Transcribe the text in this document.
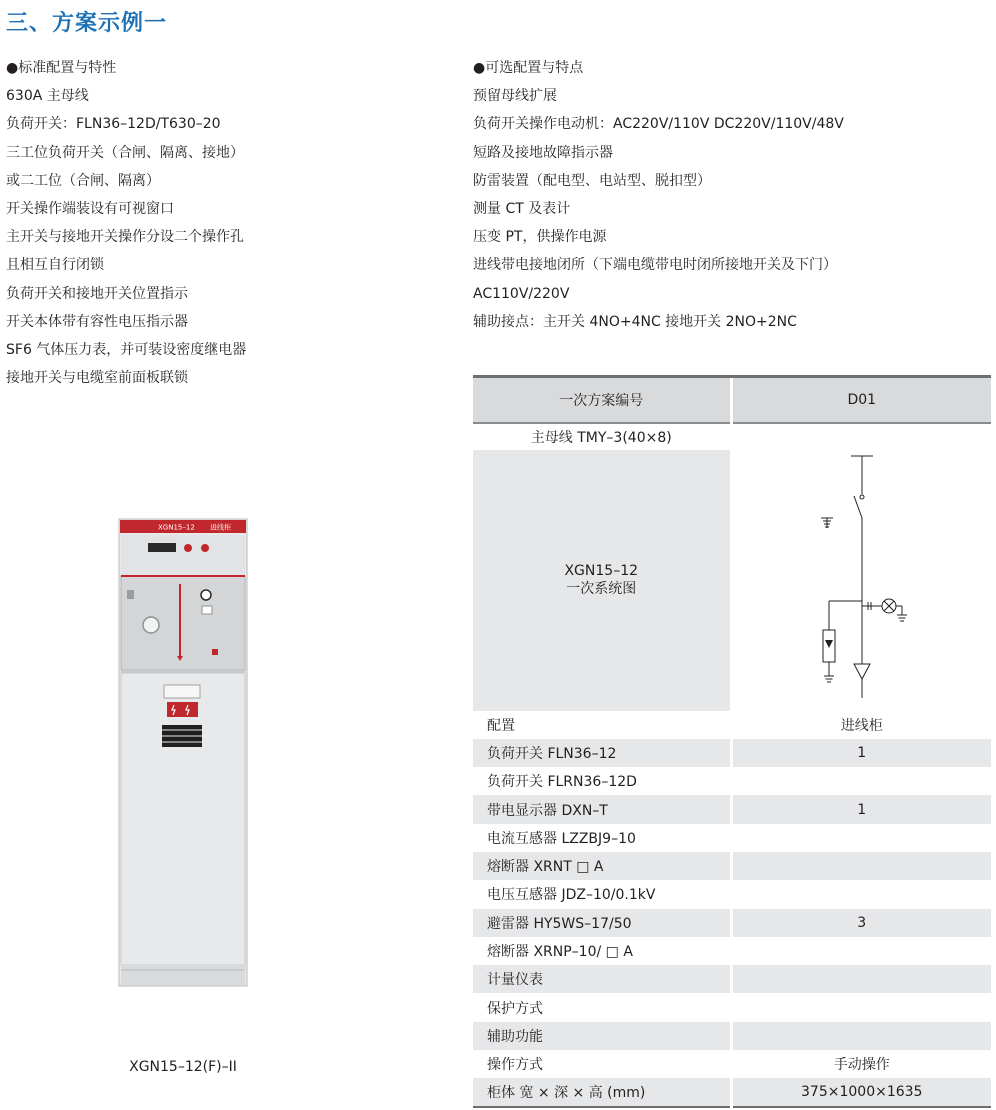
三、方案示例一
●标准配置与特性
630A 主母线
负荷开关：FLN36–12D/T630–20
三工位负荷开关（合闸、隔离、接地）
或二工位（合闸、隔离）
开关操作端装设有可视窗口
主开关与接地开关操作分设二个操作孔
且相互自行闭锁
负荷开关和接地开关位置指示
开关本体带有容性电压指示器
SF6 气体压力表，并可装设密度继电器
接地开关与电缆室前面板联锁
●可选配置与特点
预留母线扩展
负荷开关操作电动机：AC220V/110V DC220V/110V/48V
短路及接地故障指示器
防雷装置（配电型、电站型、脱扣型）
测量 CT 及表计
压变 PT，供操作电源
进线带电接地闭所（下端电缆带电时闭所接地开关及下门）
AC110V/220V
辅助接点：主开关 4NO+4NC 接地开关 2NO+2NC
XGN15–12 进线柜
XGN15–12(F)–II
一次方案编号	D01
主母线 TMY–3(40×8)	

XGN15–12
一次系统图

配置	进线柜
负荷开关 FLN36–12	1
负荷开关 FLRN36–12D	
带电显示器 DXN–T	1
电流互感器 LZZBJ9–10	
熔断器 XRNT □ A	
电压互感器 JDZ–10/0.1kV	
避雷器 HY5WS–17/50	3
熔断器 XRNP–10/ □ A	
计量仪表	
保护方式	
辅助功能	
操作方式	手动操作
柜体 宽 × 深 × 高 (mm)	375×1000×1635
